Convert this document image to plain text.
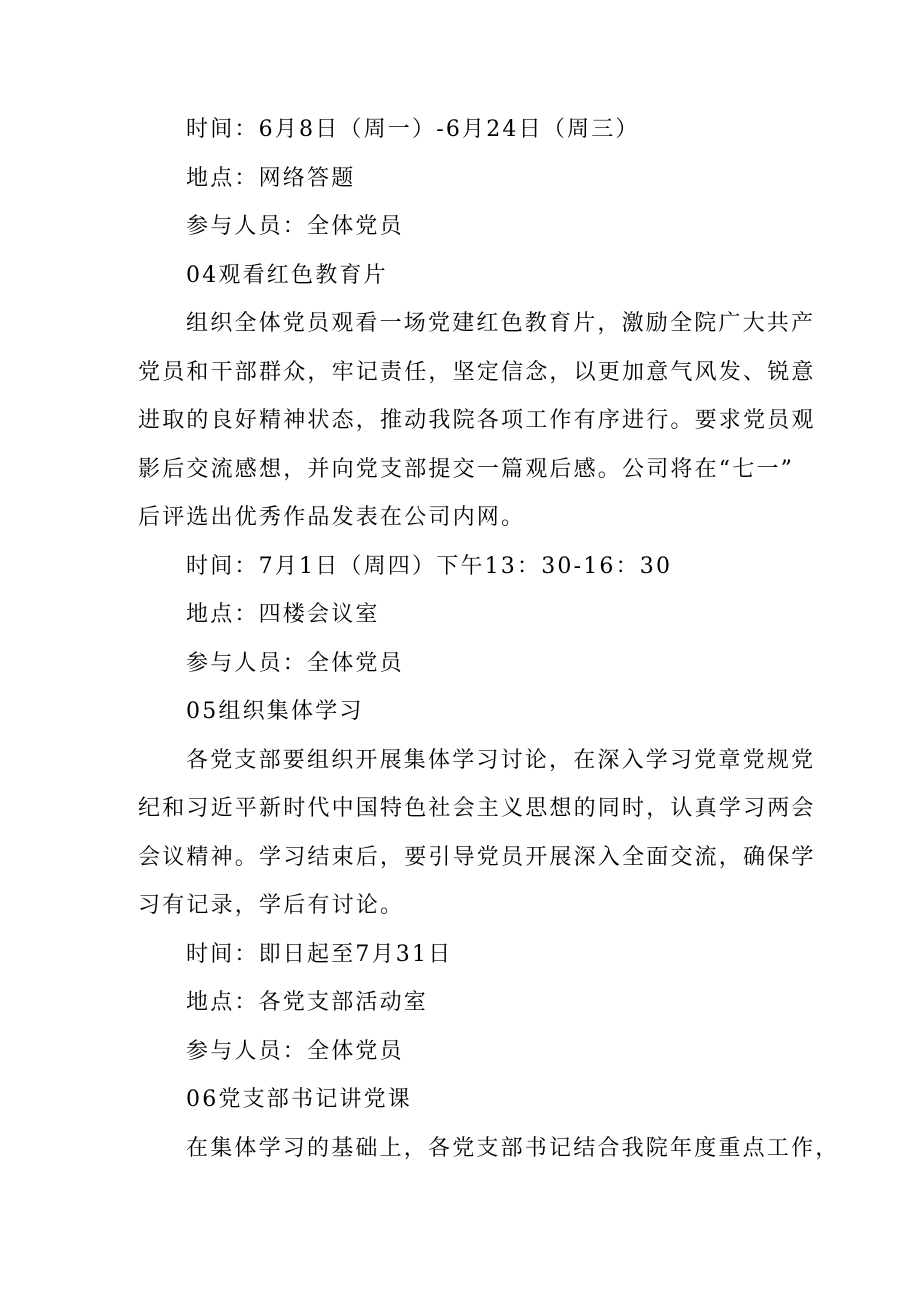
时间：6月8日（周一）-6月24日（周三）
地点：网络答题
参与人员：全体党员
04观看红色教育片
组织全体党员观看一场党建红色教育片，激励全院广大共产
党员和干部群众，牢记责任，坚定信念，以更加意气风发、锐意
进取的良好精神状态，推动我院各项工作有序进行。要求党员观
影后交流感想，并向党支部提交一篇观后感。公司将在“七一”
后评选出优秀作品发表在公司内网。
时间：7月1日（周四）下午13：30-16：30
地点：四楼会议室
参与人员：全体党员
05组织集体学习
各党支部要组织开展集体学习讨论，在深入学习党章党规党
纪和习近平新时代中国特色社会主义思想的同时，认真学习两会
会议精神。学习结束后，要引导党员开展深入全面交流，确保学
习有记录，学后有讨论。
时间：即日起至7月31日
地点：各党支部活动室
参与人员：全体党员
06党支部书记讲党课
在集体学习的基础上，各党支部书记结合我院年度重点工作，
